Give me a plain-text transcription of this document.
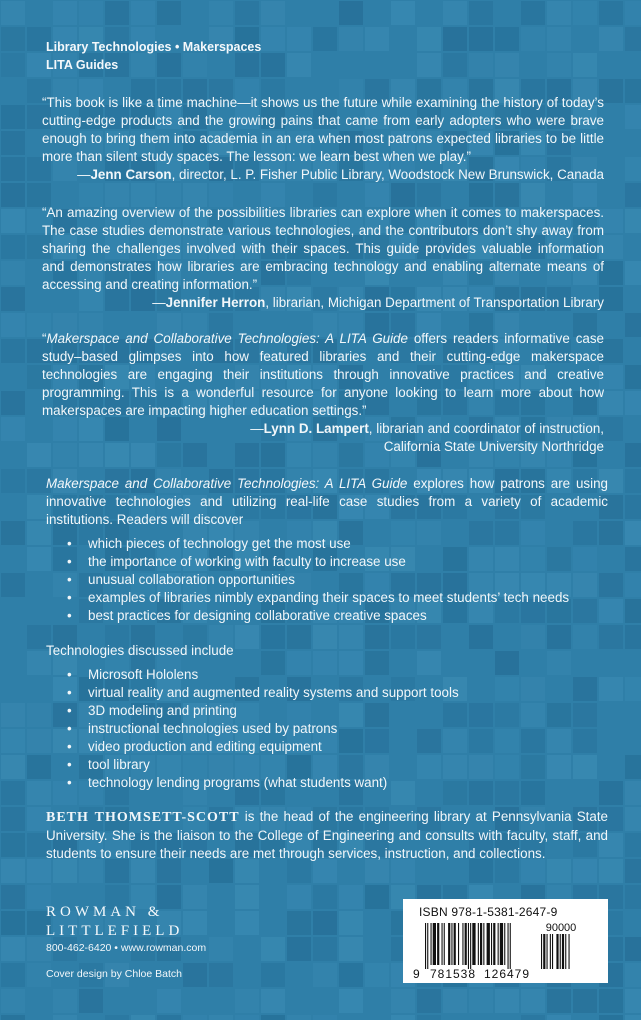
Library Technologies • Makerspaces
LITA Guides
“This book is like a time machine—it shows us the future while examining the history of today’s cutting-edge products and the growing pains that came from early adopters who were brave enough to bring them into academia in an era when most patrons expected libraries to be little more than silent study spaces. The lesson: we learn best when we play.”
—Jenn Carson, director, L. P. Fisher Public Library, Woodstock New Brunswick, Canada
“An amazing overview of the possibilities libraries can explore when it comes to makerspaces. The case studies demonstrate various technologies, and the contributors don’t shy away from sharing the challenges involved with their spaces. This guide provides valuable information and demonstrates how libraries are embracing technology and enabling alternate means of accessing and creating information.”
—Jennifer Herron, librarian, Michigan Department of Transportation Library
“Makerspace and Collaborative Technologies: A LITA Guide offers readers informative case study–based glimpses into how featured libraries and their cutting-edge makerspace technologies are engaging their institutions through innovative practices and creative programming. This is a wonderful resource for anyone looking to learn more about how makerspaces are impacting higher education settings.”
—Lynn D. Lampert, librarian and coordinator of instruction,
California State University Northridge
Makerspace and Collaborative Technologies: A LITA Guide explores how patrons are using innovative technologies and utilizing real-life case studies from a variety of academic institutions. Readers will discover
• which pieces of technology get the most use
• the importance of working with faculty to increase use
• unusual collaboration opportunities
• examples of libraries nimbly expanding their spaces to meet students’ tech needs
• best practices for designing collaborative creative spaces
Technologies discussed include
• Microsoft Hololens
• virtual reality and augmented reality systems and support tools
• 3D modeling and printing
• instructional technologies used by patrons
• video production and editing equipment
• tool library
• technology lending programs (what students want)
BETH THOMSETT-SCOTT is the head of the engineering library at Pennsylvania State University. She is the liaison to the College of Engineering and consults with faculty, staff, and students to ensure their needs are met through services, instruction, and collections.
ROWMAN &
LITTLEFIELD
800-462-6420 • www.rowman.com
Cover design by Chloe Batch
ISBN 978-1-5381-2647-9
90000
9 781538 126479
